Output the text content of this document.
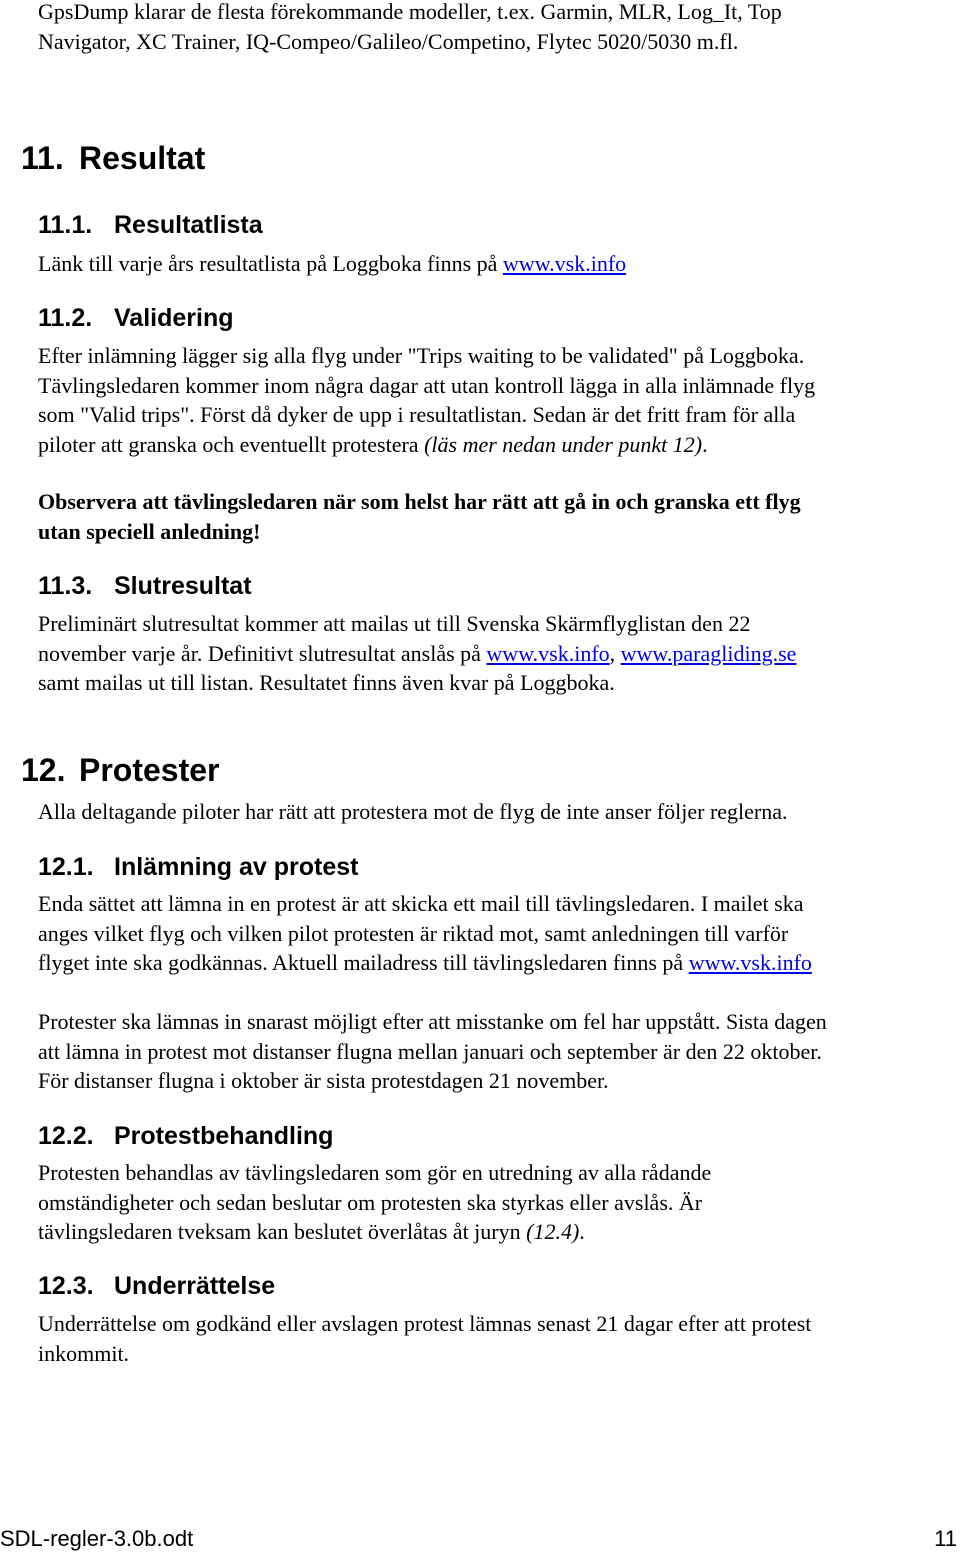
GpsDump klarar de flesta förekommande modeller, t.ex. Garmin, MLR, Log_It, Top
Navigator, XC Trainer, IQ-Compeo/Galileo/Competino, Flytec 5020/5030 m.fl.
11. Resultat
11.1. Resultatlista
Länk till varje års resultatlista på Loggboka finns på www.vsk.info
11.2. Validering
Efter inlämning lägger sig alla flyg under "Trips waiting to be validated" på Loggboka.
Tävlingsledaren kommer inom några dagar att utan kontroll lägga in alla inlämnade flyg
som "Valid trips". Först då dyker de upp i resultatlistan. Sedan är det fritt fram för alla
piloter att granska och eventuellt protestera (läs mer nedan under punkt 12).
Observera att tävlingsledaren när som helst har rätt att gå in och granska ett flyg
utan speciell anledning!
11.3. Slutresultat
Preliminärt slutresultat kommer att mailas ut till Svenska Skärmflyglistan den 22
november varje år. Definitivt slutresultat anslås på www.vsk.info, www.paragliding.se
samt mailas ut till listan. Resultatet finns även kvar på Loggboka.
12. Protester
Alla deltagande piloter har rätt att protestera mot de flyg de inte anser följer reglerna.
12.1. Inlämning av protest
Enda sättet att lämna in en protest är att skicka ett mail till tävlingsledaren. I mailet ska
anges vilket flyg och vilken pilot protesten är riktad mot, samt anledningen till varför
flyget inte ska godkännas. Aktuell mailadress till tävlingsledaren finns på www.vsk.info
Protester ska lämnas in snarast möjligt efter att misstanke om fel har uppstått. Sista dagen
att lämna in protest mot distanser flugna mellan januari och september är den 22 oktober.
För distanser flugna i oktober är sista protestdagen 21 november.
12.2. Protestbehandling
Protesten behandlas av tävlingsledaren som gör en utredning av alla rådande
omständigheter och sedan beslutar om protesten ska styrkas eller avslås. Är
tävlingsledaren tveksam kan beslutet överlåtas åt juryn (12.4).
12.3. Underrättelse
Underrättelse om godkänd eller avslagen protest lämnas senast 21 dagar efter att protest
inkommit.
SDL-regler-3.0b.odt	11
